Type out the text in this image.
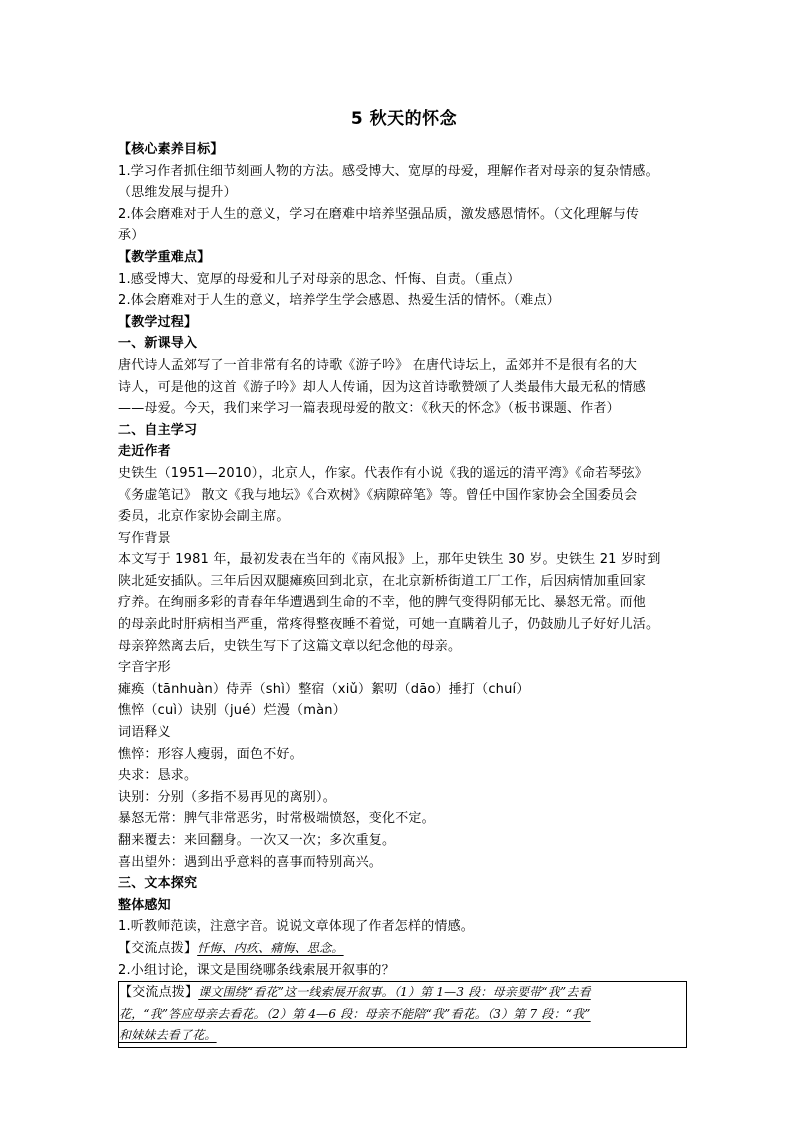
5 秋天的怀念
【核心素养目标】
1.学习作者抓住细节刻画人物的方法。感受博大、宽厚的母爱，理解作者对母亲的复杂情感。
（思维发展与提升）
2.体会磨难对于人生的意义，学习在磨难中培养坚强品质，激发感恩情怀。（文化理解与传
承）
【教学重难点】
1.感受博大、宽厚的母爱和儿子对母亲的思念、忏悔、自责。（重点）
2.体会磨难对于人生的意义，培养学生学会感恩、热爱生活的情怀。（难点）
【教学过程】
一、新课导入
唐代诗人孟郊写了一首非常有名的诗歌《游子吟》 在唐代诗坛上，孟郊并不是很有名的大
诗人，可是他的这首《游子吟》却人人传诵，因为这首诗歌赞颂了人类最伟大最无私的情感
——母爱。今天，我们来学习一篇表现母爱的散文：《秋天的怀念》（板书课题、作者）
二、自主学习
走近作者
史铁生（1951—2010），北京人，作家。代表作有小说《我的遥远的清平湾》《命若琴弦》
《务虚笔记》 散文《我与地坛》《合欢树》《病隙碎笔》等。曾任中国作家协会全国委员会
委员，北京作家协会副主席。
写作背景
本文写于 1981 年，最初发表在当年的《南风报》上，那年史铁生 30 岁。史铁生 21 岁时到
陕北延安插队。三年后因双腿瘫痪回到北京，在北京新桥街道工厂工作，后因病情加重回家
疗养。在绚丽多彩的青春年华遭遇到生命的不幸，他的脾气变得阴郁无比、暴怒无常。而他
的母亲此时肝病相当严重，常疼得整夜睡不着觉，可她一直瞒着儿子，仍鼓励儿子好好儿活。
母亲猝然离去后，史铁生写下了这篇文章以纪念他的母亲。
字音字形
瘫痪（tānhuàn）侍弄（shì）整宿（xiǔ）絮叨（dāo）捶打（chuí）
憔悴（cuì）诀别（jué）烂漫（màn）
词语释义
憔悴：形容人瘦弱，面色不好。
央求：恳求。
诀别：分别（多指不易再见的离别）。
暴怒无常：脾气非常恶劣，时常极端愤怒，变化不定。
翻来覆去：来回翻身。一次又一次；多次重复。
喜出望外：遇到出乎意料的喜事而特别高兴。
三、文本探究
整体感知
1.听教师范读，注意字音。说说文章体现了作者怎样的情感。
【交流点拨】忏悔、内疚、痛悔、思念。
2.小组讨论，课文是围绕哪条线索展开叙事的？
【交流点拨】课文围绕“看花”这一线索展开叙事。（1）第 1—3 段：母亲要带“我”去看
花，“我”答应母亲去看花。（2）第 4—6 段：母亲不能陪“我”看花。（3）第 7 段：“我”
和妹妹去看了花。
